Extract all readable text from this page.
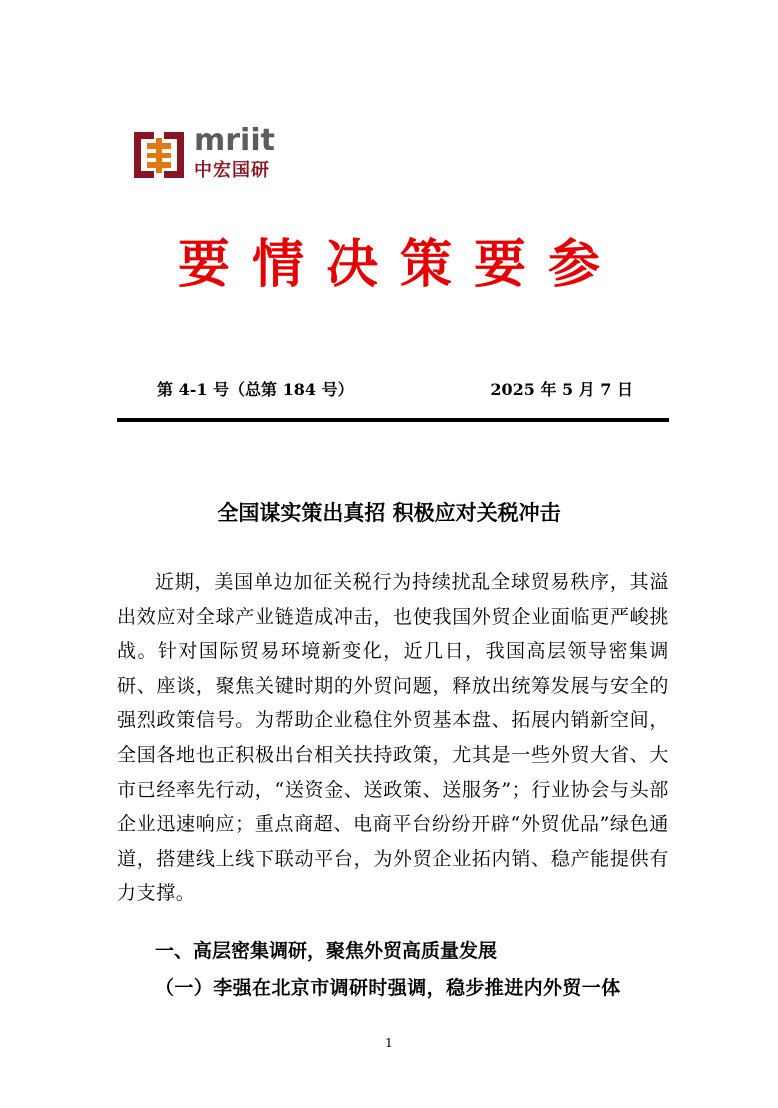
mriit
中宏国研
要情决策要参
第 4-1 号（总第 184 号）	2025 年 5 月 7 日
全国谋实策出真招 积极应对关税冲击

近期，美国单边加征关税行为持续扰乱全球贸易秩序，其溢出效应对全球产业链造成冲击，也使我国外贸企业面临更严峻挑战。针对国际贸易环境新变化，近几日，我国高层领导密集调研、座谈，聚焦关键时期的外贸问题，释放出统筹发展与安全的强烈政策信号。为帮助企业稳住外贸基本盘、拓展内销新空间，全国各地也正积极出台相关扶持政策，尤其是一些外贸大省、大市已经率先行动，“送资金、送政策、送服务”；行业协会与头部企业迅速响应；重点商超、电商平台纷纷开辟“外贸优品”绿色通道，搭建线上线下联动平台，为外贸企业拓内销、稳产能提供有力支撑。

一、高层密集调研，聚焦外贸高质量发展
（一）李强在北京市调研时强调，稳步推进内外贸一体
1
